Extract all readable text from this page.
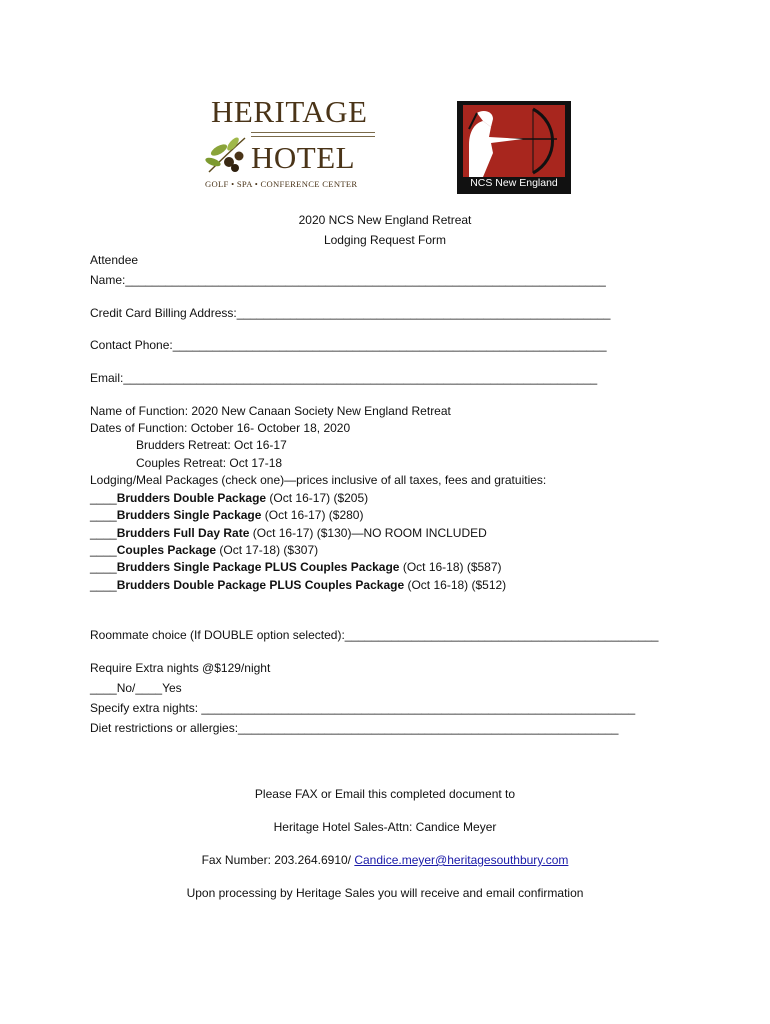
HERITAGE
HOTEL
GOLF • SPA • CONFERENCE CENTER	NCS New England
2020 NCS New England Retreat
Lodging Request Form
Attendee
Name:________________________________________________________________________
Credit Card Billing Address:________________________________________________________
Contact Phone:_________________________________________________________________
Email:_______________________________________________________________________
Name of Function: 2020 New Canaan Society New England Retreat
Dates of Function: October 16- October 18, 2020
Brudders Retreat: Oct 16-17
Couples Retreat: Oct 17-18
Lodging/Meal Packages (check one)—prices inclusive of all taxes, fees and gratuities:
____Brudders Double Package (Oct 16-17) ($205)
____Brudders Single Package (Oct 16-17) ($280)
____Brudders Full Day Rate (Oct 16-17) ($130)—NO ROOM INCLUDED
____Couples Package (Oct 17-18) ($307)
____Brudders Single Package PLUS Couples Package (Oct 16-18) ($587)
____Brudders Double Package PLUS Couples Package (Oct 16-18) ($512)
Roommate choice (If DOUBLE option selected):_______________________________________________
Require Extra nights @$129/night
____No/____Yes
Specify extra nights: _________________________________________________________________
Diet restrictions or allergies:_________________________________________________________
Please FAX or Email this completed document to
Heritage Hotel Sales-Attn: Candice Meyer
Fax Number: 203.264.6910/ Candice.meyer@heritagesouthbury.com
Upon processing by Heritage Sales you will receive and email confirmation
